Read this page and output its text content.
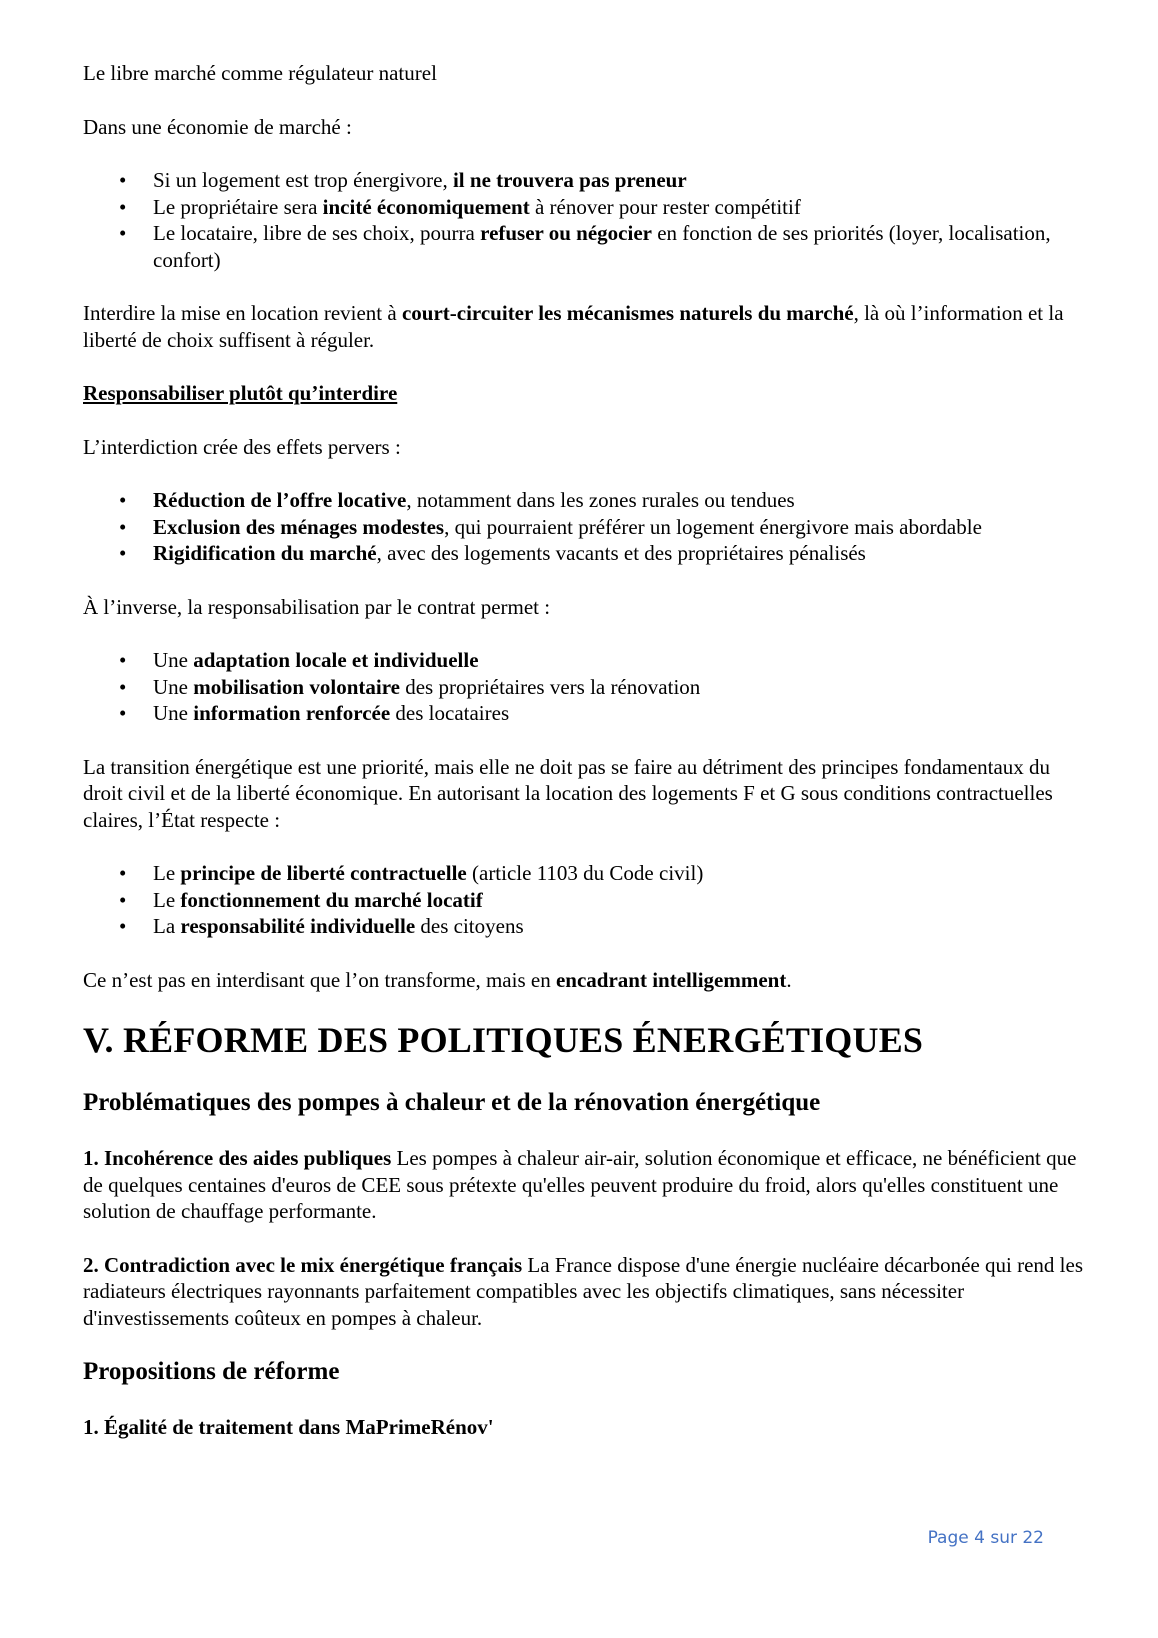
Le libre marché comme régulateur naturel

Dans une économie de marché :

• Si un logement est trop énergivore, il ne trouvera pas preneur
• Le propriétaire sera incité économiquement à rénover pour rester compétitif
• Le locataire, libre de ses choix, pourra refuser ou négocier en fonction de ses priorités (loyer, localisation, confort)

Interdire la mise en location revient à court-circuiter les mécanismes naturels du marché, là où l’information et la liberté de choix suffisent à réguler.

Responsabiliser plutôt qu’interdire

L’interdiction crée des effets pervers :

• Réduction de l’offre locative, notamment dans les zones rurales ou tendues
• Exclusion des ménages modestes, qui pourraient préférer un logement énergivore mais abordable
• Rigidification du marché, avec des logements vacants et des propriétaires pénalisés

À l’inverse, la responsabilisation par le contrat permet :

• Une adaptation locale et individuelle
• Une mobilisation volontaire des propriétaires vers la rénovation
• Une information renforcée des locataires

La transition énergétique est une priorité, mais elle ne doit pas se faire au détriment des principes fondamentaux du droit civil et de la liberté économique. En autorisant la location des logements F et G sous conditions contractuelles claires, l’État respecte :

• Le principe de liberté contractuelle (article 1103 du Code civil)
• Le fonctionnement du marché locatif
• La responsabilité individuelle des citoyens

Ce n’est pas en interdisant que l’on transforme, mais en encadrant intelligemment.

V. RÉFORME DES POLITIQUES ÉNERGÉTIQUES
Problématiques des pompes à chaleur et de la rénovation énergétique

1. Incohérence des aides publiques Les pompes à chaleur air-air, solution économique et efficace, ne bénéficient que de quelques centaines d'euros de CEE sous prétexte qu'elles peuvent produire du froid, alors qu'elles constituent une solution de chauffage performante.

2. Contradiction avec le mix énergétique français La France dispose d'une énergie nucléaire décarbonée qui rend les radiateurs électriques rayonnants parfaitement compatibles avec les objectifs climatiques, sans nécessiter d'investissements coûteux en pompes à chaleur.

Propositions de réforme
1. Égalité de traitement dans MaPrimeRénov'
Page 4 sur 22
